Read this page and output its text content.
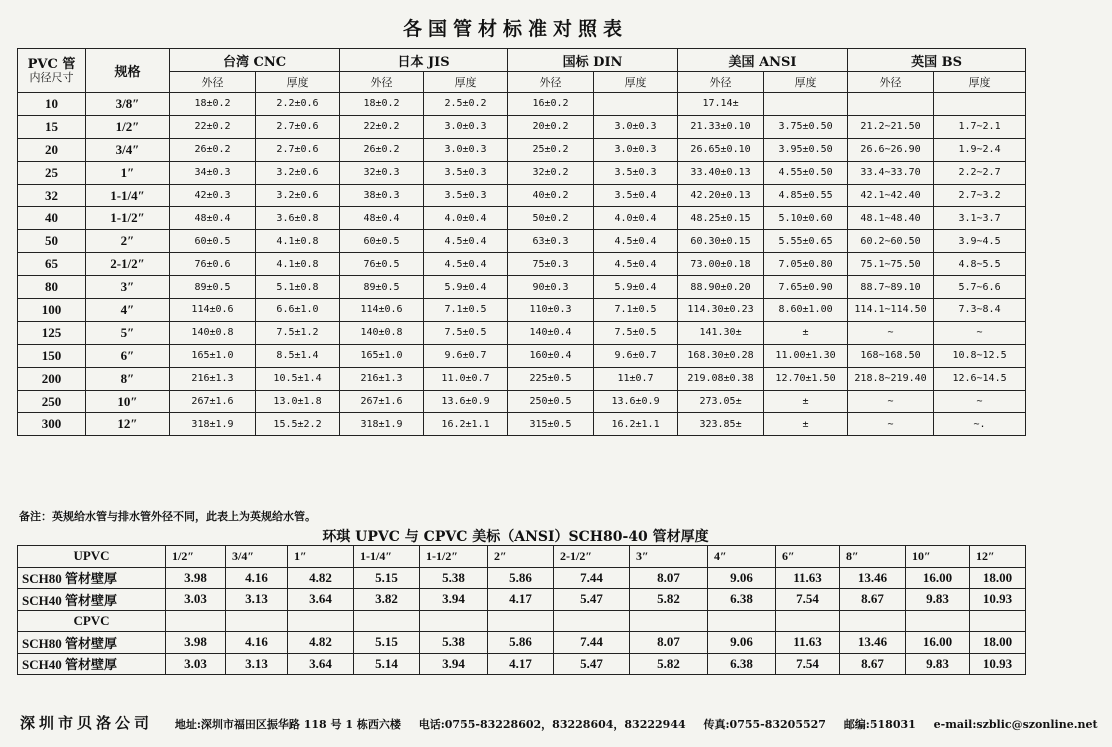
各国管材标准对照表
PVC 管
内径尺寸	规格	台湾 CNC		日本 JIS		国标 DIN		美国 ANSI		英国 BS	
		外径	厚度	外径	厚度	外径	厚度	外径	厚度	外径	厚度
10	3/8″	18±0.2	2.2±0.6	18±0.2	2.5±0.2	16±0.2		17.14±			
15	1/2″	22±0.2	2.7±0.6	22±0.2	3.0±0.3	20±0.2	3.0±0.3	21.33±0.10	3.75±0.50	21.2~21.50	1.7~2.1
20	3/4″	26±0.2	2.7±0.6	26±0.2	3.0±0.3	25±0.2	3.0±0.3	26.65±0.10	3.95±0.50	26.6~26.90	1.9~2.4
25	1″	34±0.3	3.2±0.6	32±0.3	3.5±0.3	32±0.2	3.5±0.3	33.40±0.13	4.55±0.50	33.4~33.70	2.2~2.7
32	1-1/4″	42±0.3	3.2±0.6	38±0.3	3.5±0.3	40±0.2	3.5±0.4	42.20±0.13	4.85±0.55	42.1~42.40	2.7~3.2
40	1-1/2″	48±0.4	3.6±0.8	48±0.4	4.0±0.4	50±0.2	4.0±0.4	48.25±0.15	5.10±0.60	48.1~48.40	3.1~3.7
50	2″	60±0.5	4.1±0.8	60±0.5	4.5±0.4	63±0.3	4.5±0.4	60.30±0.15	5.55±0.65	60.2~60.50	3.9~4.5
65	2-1/2″	76±0.6	4.1±0.8	76±0.5	4.5±0.4	75±0.3	4.5±0.4	73.00±0.18	7.05±0.80	75.1~75.50	4.8~5.5
80	3″	89±0.5	5.1±0.8	89±0.5	5.9±0.4	90±0.3	5.9±0.4	88.90±0.20	7.65±0.90	88.7~89.10	5.7~6.6
100	4″	114±0.6	6.6±1.0	114±0.6	7.1±0.5	110±0.3	7.1±0.5	114.30±0.23	8.60±1.00	114.1~114.50	7.3~8.4
125	5″	140±0.8	7.5±1.2	140±0.8	7.5±0.5	140±0.4	7.5±0.5	141.30±	±	~	~
150	6″	165±1.0	8.5±1.4	165±1.0	9.6±0.7	160±0.4	9.6±0.7	168.30±0.28	11.00±1.30	168~168.50	10.8~12.5
200	8″	216±1.3	10.5±1.4	216±1.3	11.0±0.7	225±0.5	11±0.7	219.08±0.38	12.70±1.50	218.8~219.40	12.6~14.5
250	10″	267±1.6	13.0±1.8	267±1.6	13.6±0.9	250±0.5	13.6±0.9	273.05±	±	~	~
300	12″	318±1.9	15.5±2.2	318±1.9	16.2±1.1	315±0.5	16.2±1.1	323.85±	±	~	~.
备注：英规给水管与排水管外径不同，此表上为英规给水管。
环琪 UPVC 与 CPVC 美标（ANSI）SCH80-40 管材厚度
UPVC	1/2″	3/4″	1″	1-1/4″	1-1/2″	2″	2-1/2″	3″	4″	6″	8″	10″	12″
SCH80 管材壁厚	3.98	4.16	4.82	5.15	5.38	5.86	7.44	8.07	9.06	11.63	13.46	16.00	18.00
SCH40 管材壁厚	3.03	3.13	3.64	3.82	3.94	4.17	5.47	5.82	6.38	7.54	8.67	9.83	10.93
CPVC													
SCH80 管材壁厚	3.98	4.16	4.82	5.15	5.38	5.86	7.44	8.07	9.06	11.63	13.46	16.00	18.00
SCH40 管材壁厚	3.03	3.13	3.64	5.14	3.94	4.17	5.47	5.82	6.38	7.54	8.67	9.83	10.93
深圳市贝洛公司 地址:深圳市福田区振华路 118 号 1 栋西六楼 电话:0755-83228602，83228604，83222944 传真:0755-83205527 邮编:518031 e-mail:szblic@szonline.net
